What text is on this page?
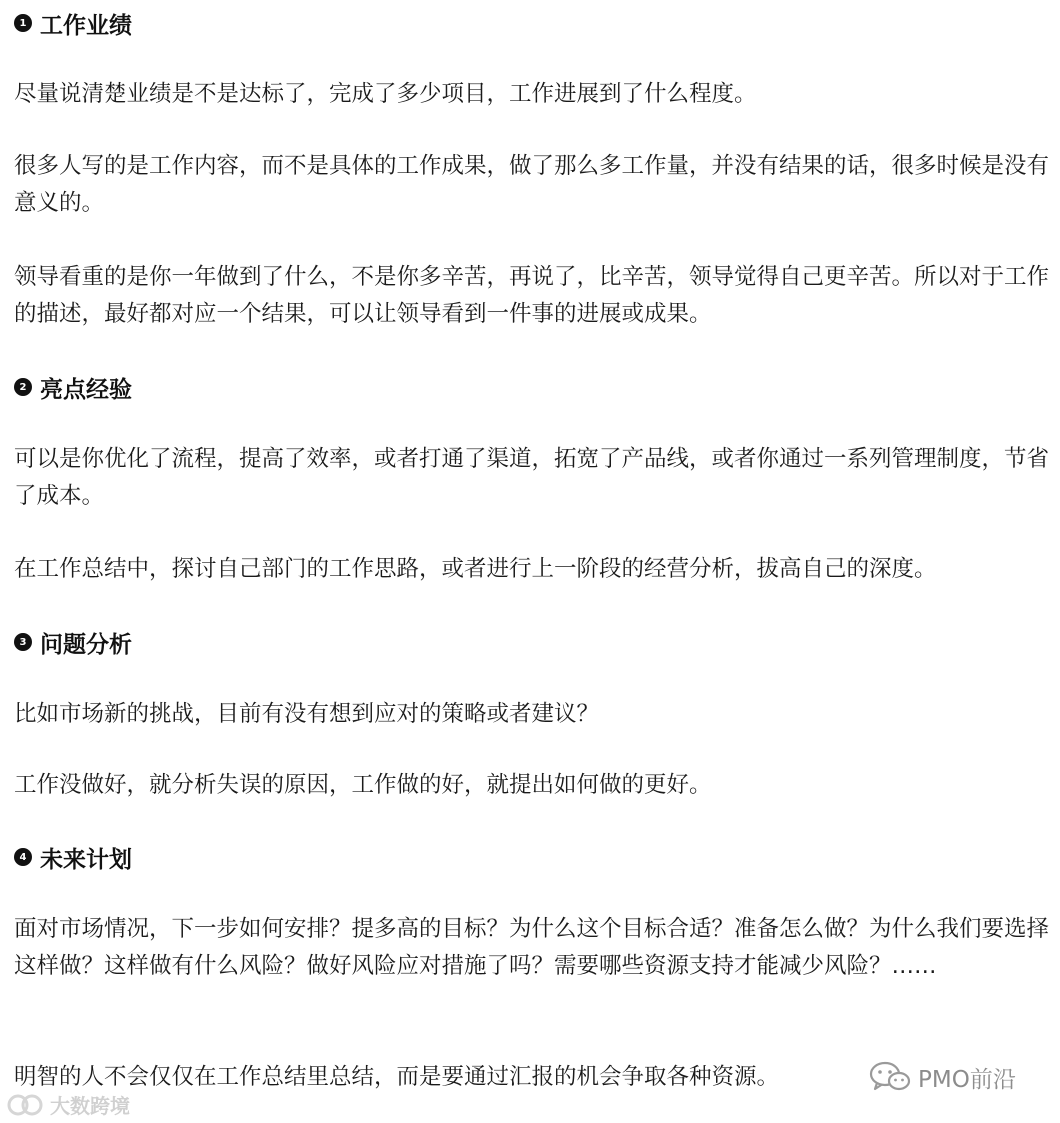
1 工作业绩

尽量说清楚业绩是不是达标了，完成了多少项目，工作进展到了什么程度。

很多人写的是工作内容，而不是具体的工作成果，做了那么多工作量，并没有结果的话，很多时候是没有意义的。

领导看重的是你一年做到了什么，不是你多辛苦，再说了，比辛苦，领导觉得自己更辛苦。所以对于工作的描述，最好都对应一个结果，可以让领导看到一件事的进展或成果。

2 亮点经验

可以是你优化了流程，提高了效率，或者打通了渠道，拓宽了产品线，或者你通过一系列管理制度，节省了成本。

在工作总结中，探讨自己部门的工作思路，或者进行上一阶段的经营分析，拔高自己的深度。

3 问题分析

比如市场新的挑战，目前有没有想到应对的策略或者建议？

工作没做好，就分析失误的原因，工作做的好，就提出如何做的更好。

4 未来计划

面对市场情况，下一步如何安排？提多高的目标？为什么这个目标合适？准备怎么做？为什么我们要选择这样做？这样做有什么风险？做好风险应对措施了吗？需要哪些资源支持才能减少风险？……

明智的人不会仅仅在工作总结里总结，而是要通过汇报的机会争取各种资源。

大数跨境
PMO前沿
